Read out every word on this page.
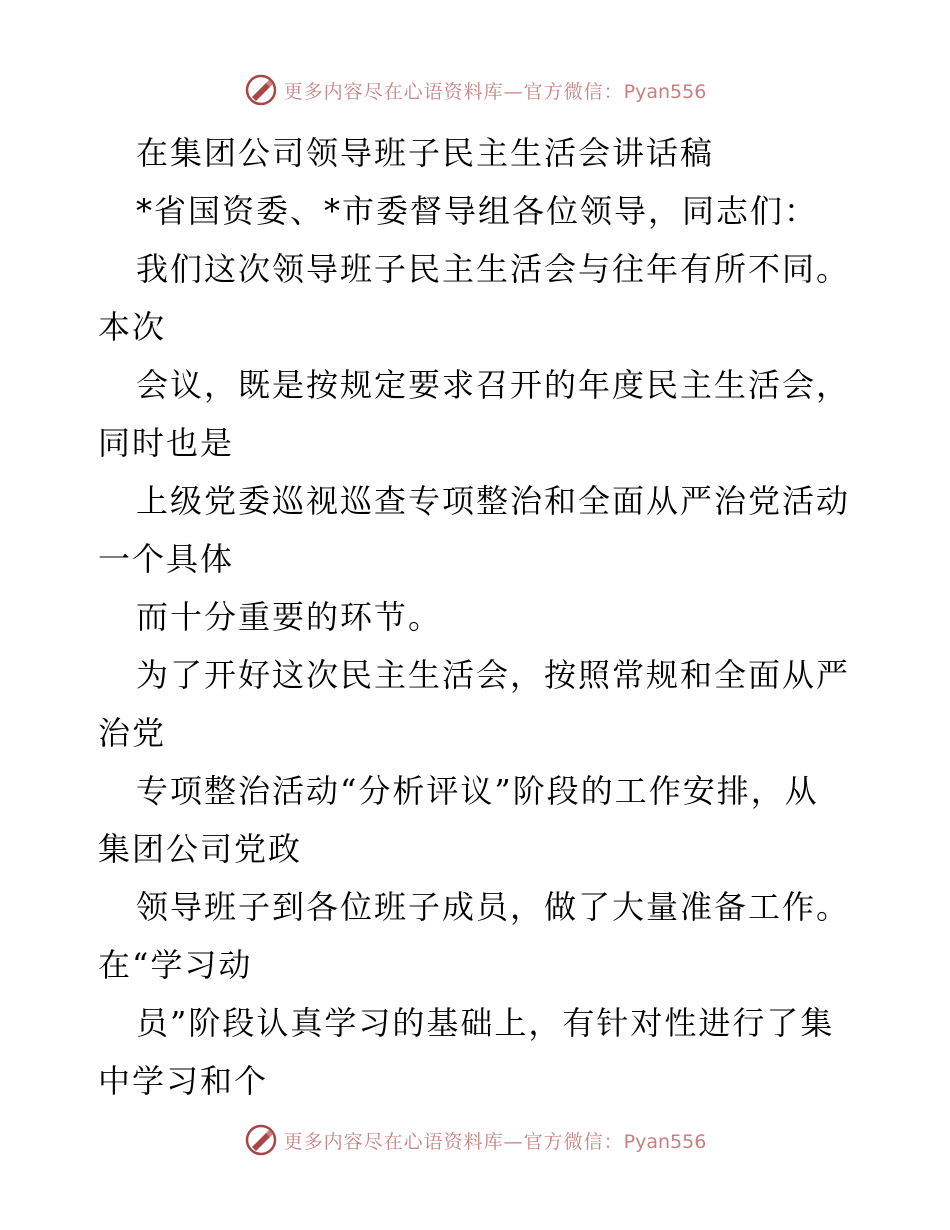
更多内容尽在心语资料库—官方微信：Pyan556
在集团公司领导班子民主生活会讲话稿
*省国资委、*市委督导组各位领导，同志们：
我们这次领导班子民主生活会与往年有所不同。
本次
会议，既是按规定要求召开的年度民主生活会，
同时也是
上级党委巡视巡查专项整治和全面从严治党活动
一个具体
而十分重要的环节。
为了开好这次民主生活会，按照常规和全面从严
治党
专项整治活动“分析评议”阶段的工作安排，从
集团公司党政
领导班子到各位班子成员，做了大量准备工作。
在“学习动
员”阶段认真学习的基础上，有针对性进行了集
中学习和个
更多内容尽在心语资料库—官方微信：Pyan556
